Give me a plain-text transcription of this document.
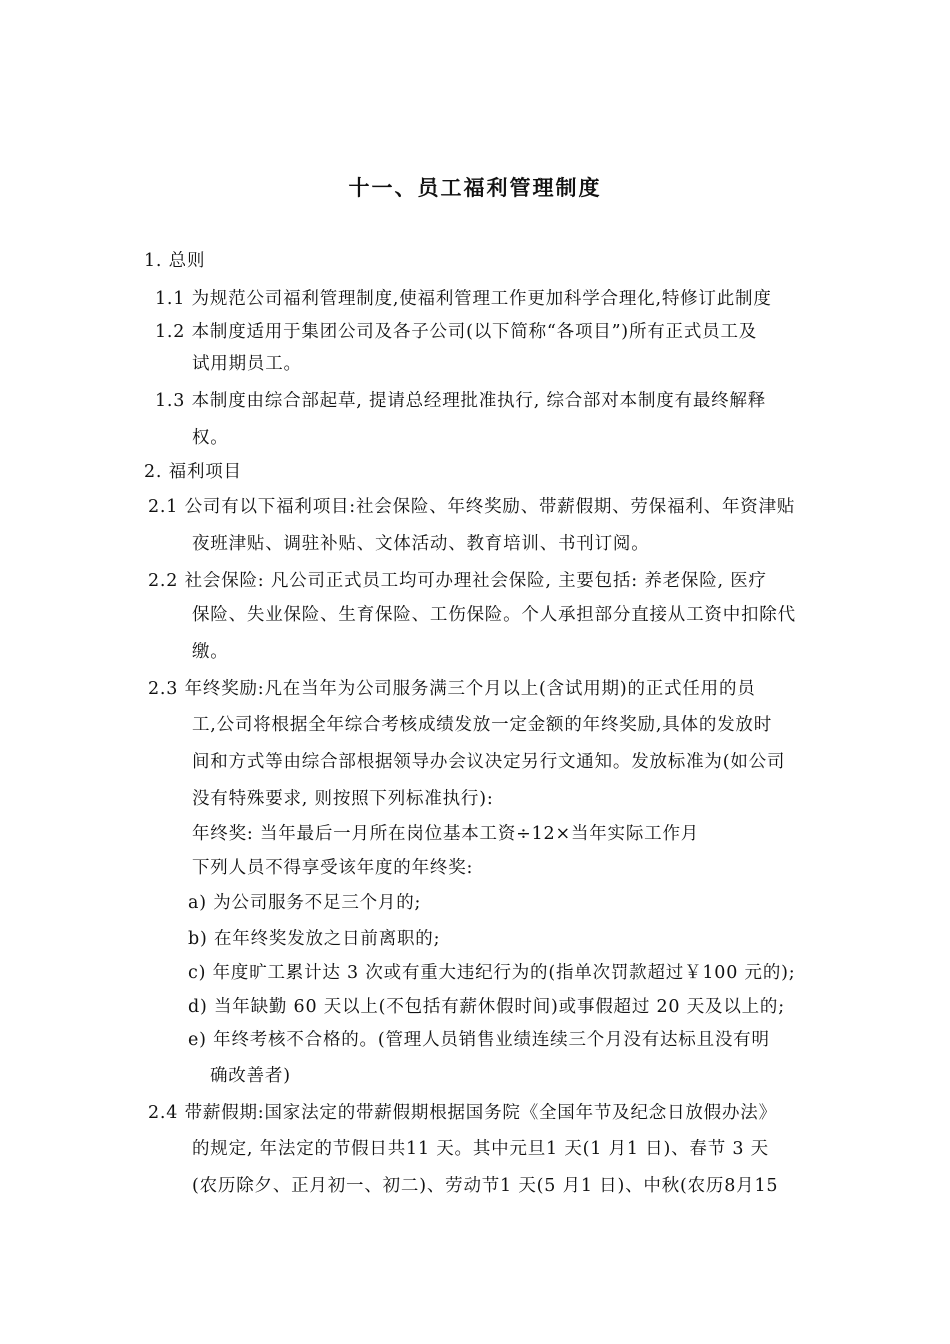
十一、员工福利管理制度
1. 总则
1.1 为规范公司福利管理制度,使福利管理工作更加科学合理化,特修订此制度
1.2 本制度适用于集团公司及各子公司(以下简称“各项目”)所有正式员工及
试用期员工。
1.3 本制度由综合部起草, 提请总经理批准执行, 综合部对本制度有最终解释
权。
2. 福利项目
2.1 公司有以下福利项目:社会保险、年终奖励、带薪假期、劳保福利、年资津贴
夜班津贴、调驻补贴、文体活动、教育培训、书刊订阅。
2.2 社会保险: 凡公司正式员工均可办理社会保险, 主要包括: 养老保险, 医疗
保险、失业保险、生育保险、工伤保险。个人承担部分直接从工资中扣除代
缴。
2.3 年终奖励:凡在当年为公司服务满三个月以上(含试用期)的正式任用的员
工,公司将根据全年综合考核成绩发放一定金额的年终奖励,具体的发放时
间和方式等由综合部根据领导办会议决定另行文通知。发放标准为(如公司
没有特殊要求, 则按照下列标准执行):
年终奖: 当年最后一月所在岗位基本工资÷12×当年实际工作月
下列人员不得享受该年度的年终奖:
a) 为公司服务不足三个月的;
b) 在年终奖发放之日前离职的;
c) 年度旷工累计达 3 次或有重大违纪行为的(指单次罚款超过￥100 元的);
d) 当年缺勤 60 天以上(不包括有薪休假时间)或事假超过 20 天及以上的;
e) 年终考核不合格的。(管理人员销售业绩连续三个月没有达标且没有明
确改善者)
2.4 带薪假期:国家法定的带薪假期根据国务院《全国年节及纪念日放假办法》
的规定, 年法定的节假日共11 天。其中元旦1 天(1 月1 日)、春节 3 天
(农历除夕、正月初一、初二)、劳动节1 天(5 月1 日)、中秋(农历8月15
